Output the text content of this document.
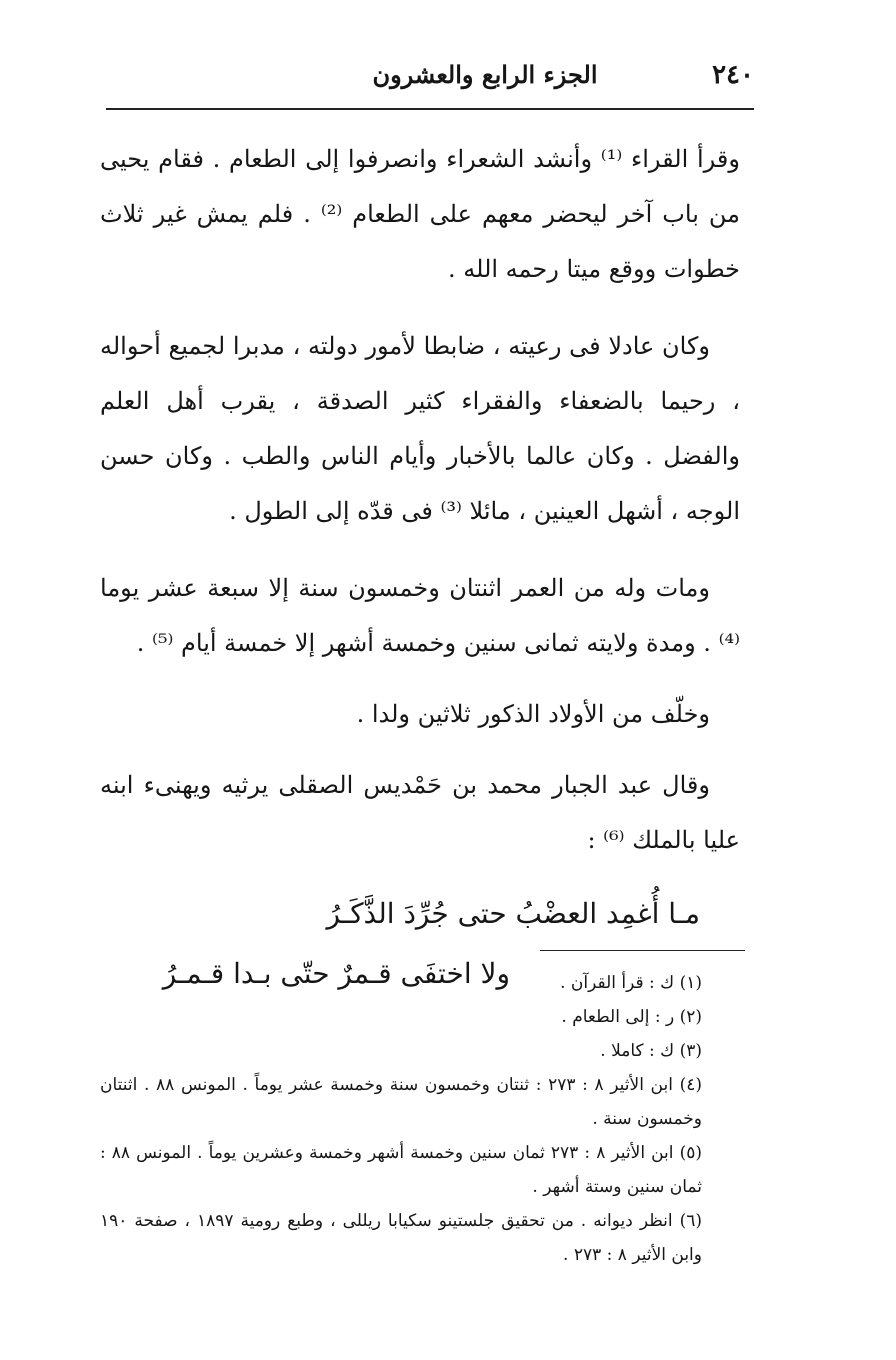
٢٤٠
الجزء الرابع والعشرون

وقرأ القراء ⁽¹⁾ وأنشد الشعراء وانصرفوا إلى الطعام . فقام يحيى من باب آخر ليحضر معهم على الطعام ⁽²⁾ . فلم يمش غير ثلاث خطوات ووقع ميتا رحمه الله .

وكان عادلا فى رعيته ، ضابطا لأمور دولته ، مدبرا لجميع أحواله ، رحيما بالضعفاء والفقراء كثير الصدقة ، يقرب أهل العلم والفضل . وكان عالما بالأخبار وأيام الناس والطب . وكان حسن الوجه ، أشهل العينين ، مائلا ⁽³⁾ فى قدّه إلى الطول .

ومات وله من العمر اثنتان وخمسون سنة إلا سبعة عشر يوما ⁽⁴⁾ . ومدة ولايته ثمانى سنين وخمسة أشهر إلا خمسة أيام ⁽⁵⁾ .

وخلّف من الأولاد الذكور ثلاثين ولدا .

وقال عبد الجبار محمد بن حَمْديس الصقلى يرثيه ويهنىء ابنه عليا بالملك ⁽⁶⁾ :

مـا أُغمِد العضْبُ حتى جُرِّدَ الذَّكَـرُ
ولا اختفَى قـمرٌ حتّى بـدا قـمـرُ	(١) ك : قرأ القرآن .

(٢) ر : إلى الطعام .

(٣) ك : كاملا .

(٤) ابن الأثير ٨ : ٢٧٣ : ثنتان وخمسون سنة وخمسة عشر يوماً . المونس ٨٨ . اثنتان وخمسون سنة .

(٥) ابن الأثير ٨ : ٢٧٣ ثمان سنين وخمسة أشهر وخمسة وعشرين يوماً . المونس ٨٨ : ثمان سنين وستة أشهر .

(٦) انظر ديوانه . من تحقيق جلستينو سكيابا ريللى ، وطبع رومية ١٨٩٧ ، صفحة ١٩٠ وابن الأثير ٨ : ٢٧٣ .
